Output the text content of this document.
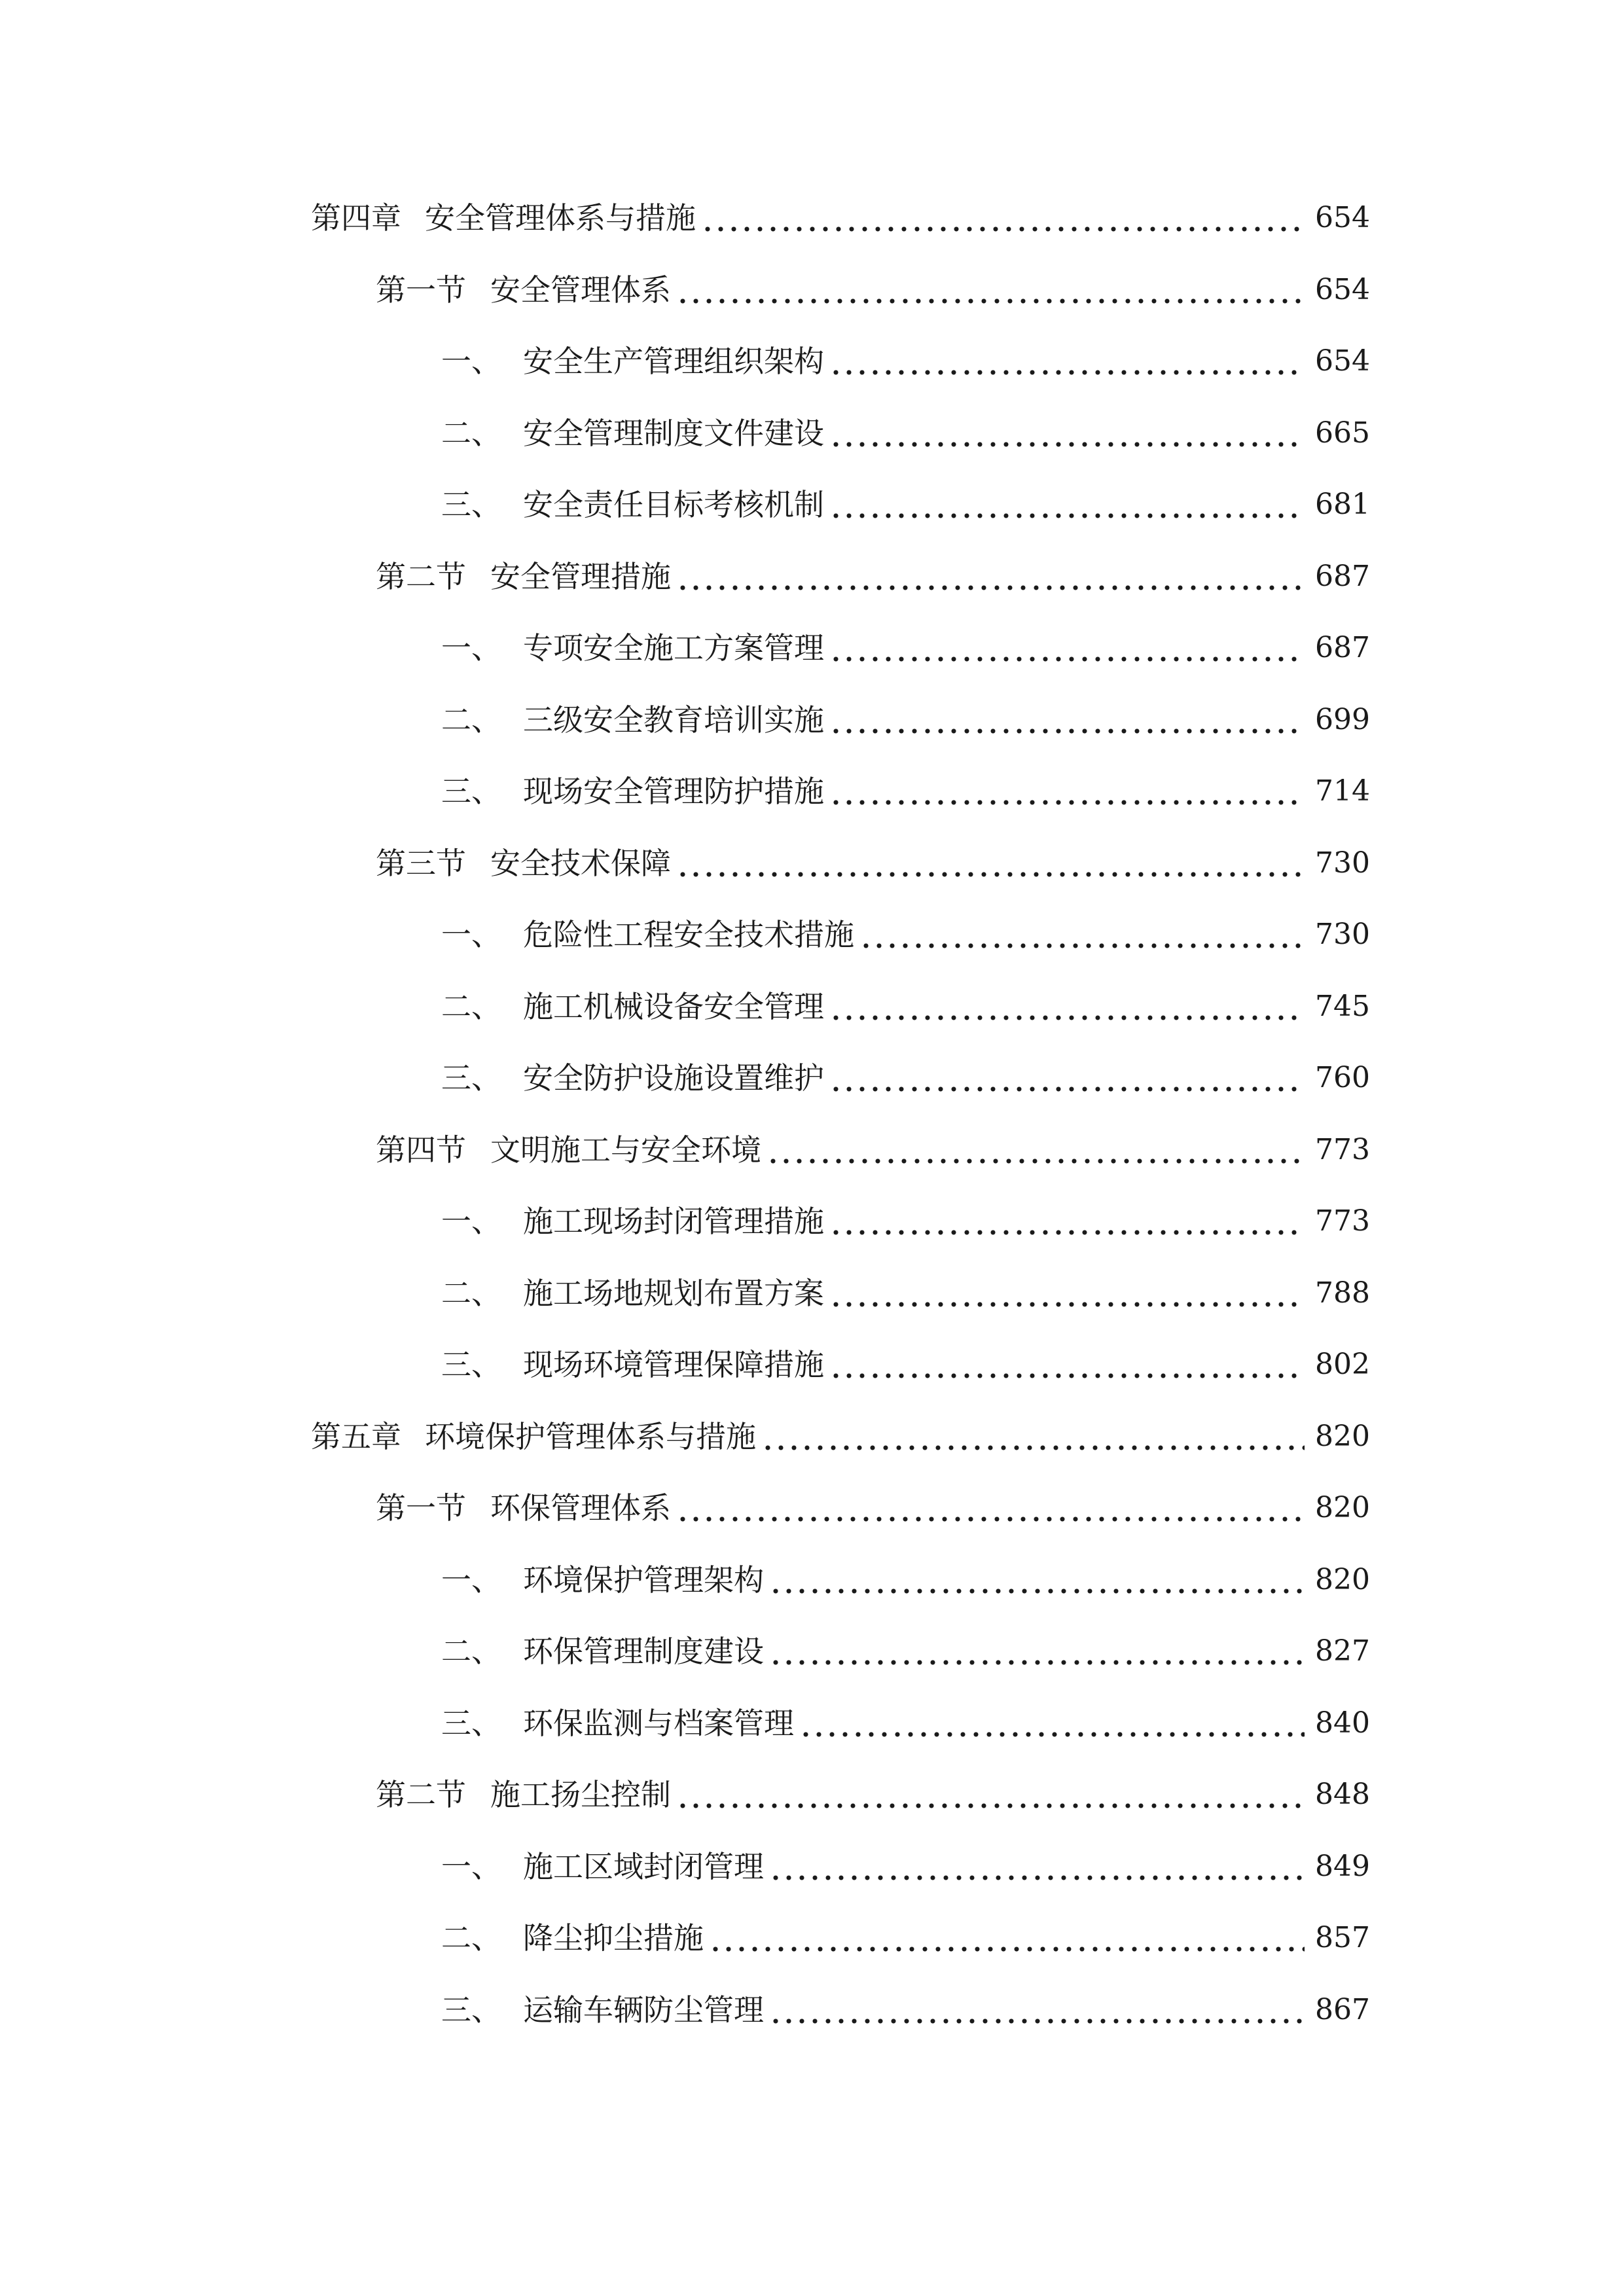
第四章 安全管理体系与措施	654
第一节 安全管理体系	654
一、 安全生产管理组织架构	654
二、 安全管理制度文件建设	665
三、 安全责任目标考核机制	681
第二节 安全管理措施	687
一、 专项安全施工方案管理	687
二、 三级安全教育培训实施	699
三、 现场安全管理防护措施	714
第三节 安全技术保障	730
一、 危险性工程安全技术措施	730
二、 施工机械设备安全管理	745
三、 安全防护设施设置维护	760
第四节 文明施工与安全环境	773
一、 施工现场封闭管理措施	773
二、 施工场地规划布置方案	788
三、 现场环境管理保障措施	802
第五章 环境保护管理体系与措施	820
第一节 环保管理体系	820
一、 环境保护管理架构	820
二、 环保管理制度建设	827
三、 环保监测与档案管理	840
第二节 施工扬尘控制	848
一、 施工区域封闭管理	849
二、 降尘抑尘措施	857
三、 运输车辆防尘管理	867
